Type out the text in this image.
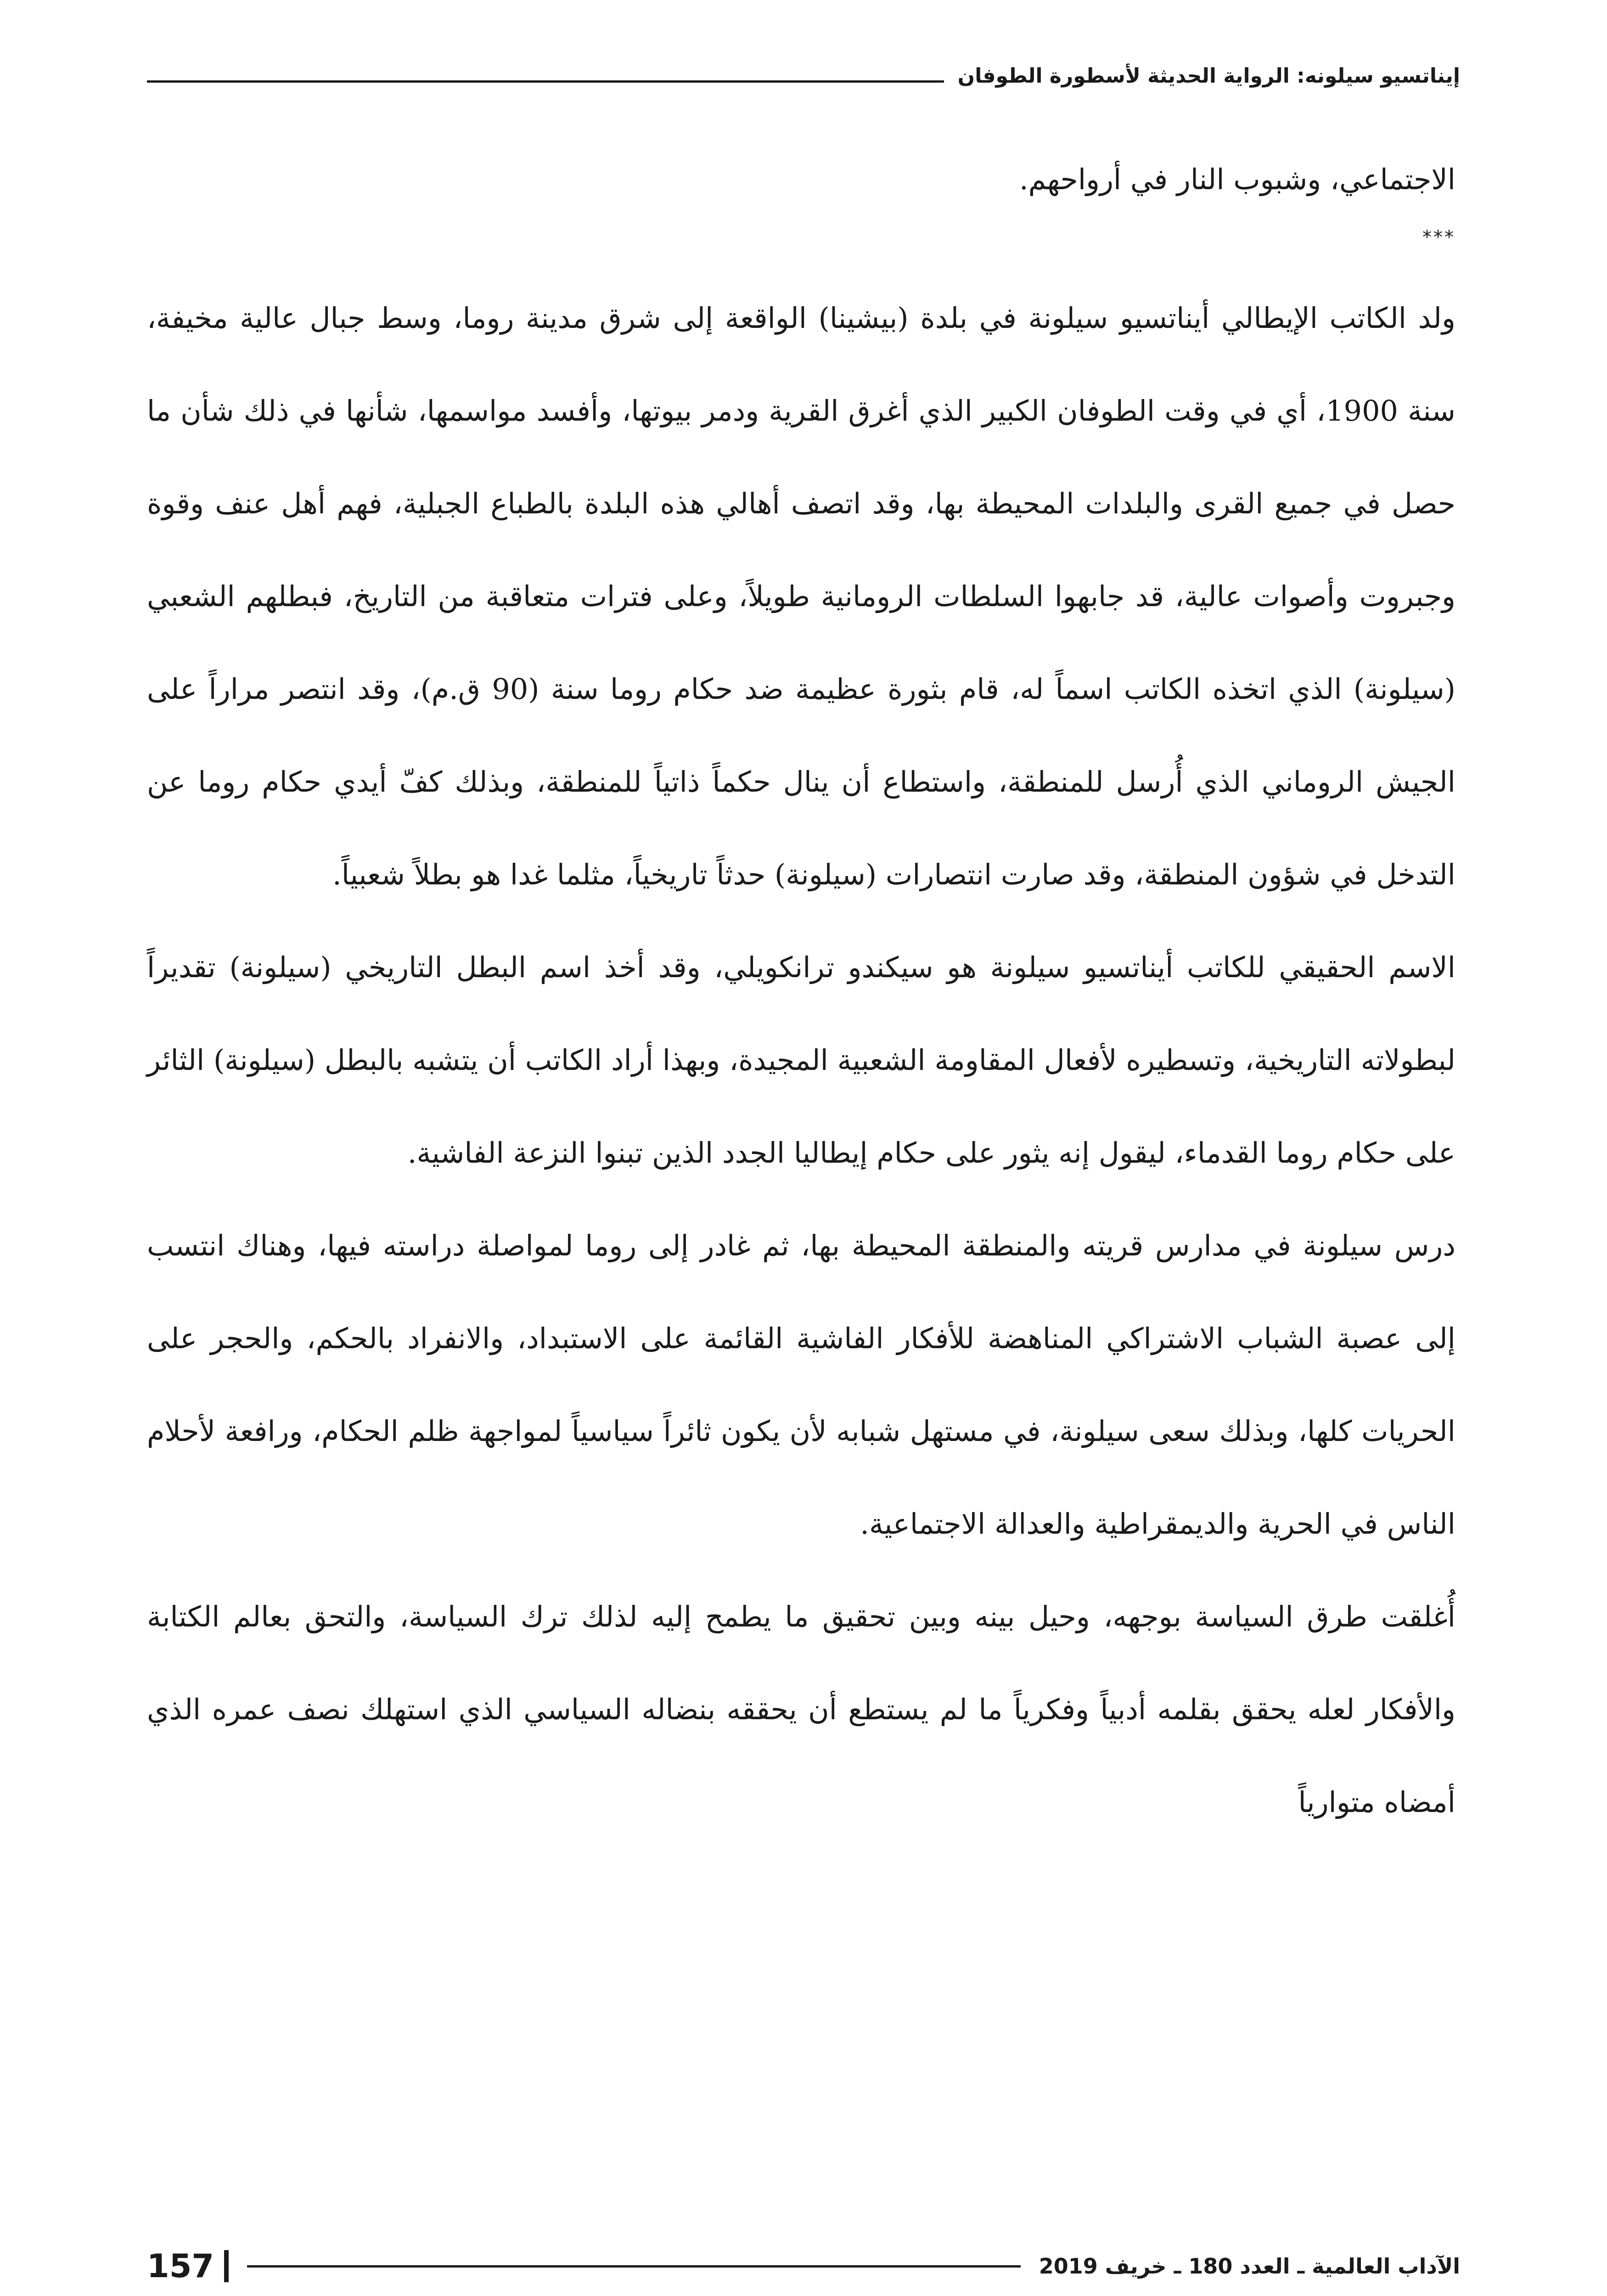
إيناتسيو سيلونه: الرواية الحديثة لأسطورة الطوفان

الاجتماعي، وشبوب النار في أرواحهم.

***

ولد الكاتب الإيطالي أيناتسيو سيلونة في بلدة (بيشينا) الواقعة إلى شرق مدينة روما، وسط جبال عالية مخيفة، سنة 1900، أي في وقت الطوفان الكبير الذي أغرق القرية ودمر بيوتها، وأفسد مواسمها، شأنها في ذلك شأن ما حصل في جميع القرى والبلدات المحيطة بها، وقد اتصف أهالي هذه البلدة بالطباع الجبلية، فهم أهل عنف وقوة وجبروت وأصوات عالية، قد جابهوا السلطات الرومانية طويلاً، وعلى فترات متعاقبة من التاريخ، فبطلهم الشعبي (سيلونة) الذي اتخذه الكاتب اسماً له، قام بثورة عظيمة ضد حكام روما سنة (90 ق.م)، وقد انتصر مراراً على الجيش الروماني الذي أُرسل للمنطقة، واستطاع أن ينال حكماً ذاتياً للمنطقة، وبذلك كفّ أيدي حكام روما عن التدخل في شؤون المنطقة، وقد صارت انتصارات (سيلونة) حدثاً تاريخياً، مثلما غدا هو بطلاً شعبياً.

الاسم الحقيقي للكاتب أيناتسيو سيلونة هو سيكندو ترانكويلي، وقد أخذ اسم البطل التاريخي (سيلونة) تقديراً لبطولاته التاريخية، وتسطيره لأفعال المقاومة الشعبية المجيدة، وبهذا أراد الكاتب أن يتشبه بالبطل (سيلونة) الثائر على حكام روما القدماء، ليقول إنه يثور على حكام إيطاليا الجدد الذين تبنوا النزعة الفاشية.

درس سيلونة في مدارس قريته والمنطقة المحيطة بها، ثم غادر إلى روما لمواصلة دراسته فيها، وهناك انتسب إلى عصبة الشباب الاشتراكي المناهضة للأفكار الفاشية القائمة على الاستبداد، والانفراد بالحكم، والحجر على الحريات كلها، وبذلك سعى سيلونة، في مستهل شبابه لأن يكون ثائراً سياسياً لمواجهة ظلم الحكام، ورافعة لأحلام الناس في الحرية والديمقراطية والعدالة الاجتماعية.

أُغلقت طرق السياسة بوجهه، وحيل بينه وبين تحقيق ما يطمح إليه لذلك ترك السياسة، والتحق بعالم الكتابة والأفكار لعله يحقق بقلمه أدبياً وفكرياً ما لم يستطع أن يحققه بنضاله السياسي الذي استهلك نصف عمره الذي أمضاه متوارياً

الآداب العالمية ـ العدد 180 ـ خريف 2019
157
